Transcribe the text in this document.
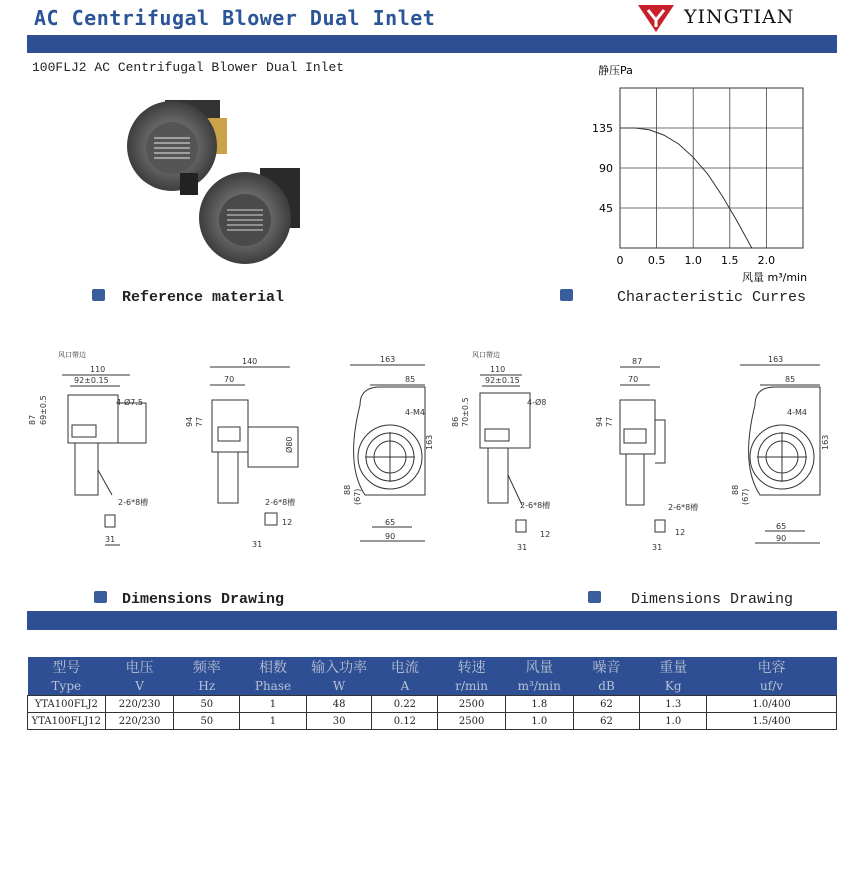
AC Centrifugal Blower Dual Inlet	YINGTIAN
100FLJ2 AC Centrifugal Blower Dual Inlet	静压Pa
45
90
135
0 0.5 1.0 1.5 2.0
风量 m³/min
Reference material	Characteristic Curres
风口帶边
110
92±0.15
31
87 69±0.5	4-Ø7.5
2-6*8槽
140
70
94 77
Ø80
2-6*8槽
12
31
163
85
4-M4
163
88 (67)
65
90
风口帶边
110
92±0.15
86 70±0.5	4-Ø8
2-6*8槽
12
31
87
70
94 77
2-6*8槽
12
31
163
85
4-M4
163
88 (67)
65
90
Dimensions Drawing	Dimensions Drawing
型号	电压	频率	相数	输入功率	电流	转速	风量	噪音	重量	电容
Type	V	Hz	Phase	W	A	r/min	m³/min	dB	Kg	uf/v
YTA100FLJ2	220/230	50	1	48	0.22	2500	1.8	62	1.3	1.0/400
YTA100FLJ12	220/230	50	1	30	0.12	2500	1.0	62	1.0	1.5/400
